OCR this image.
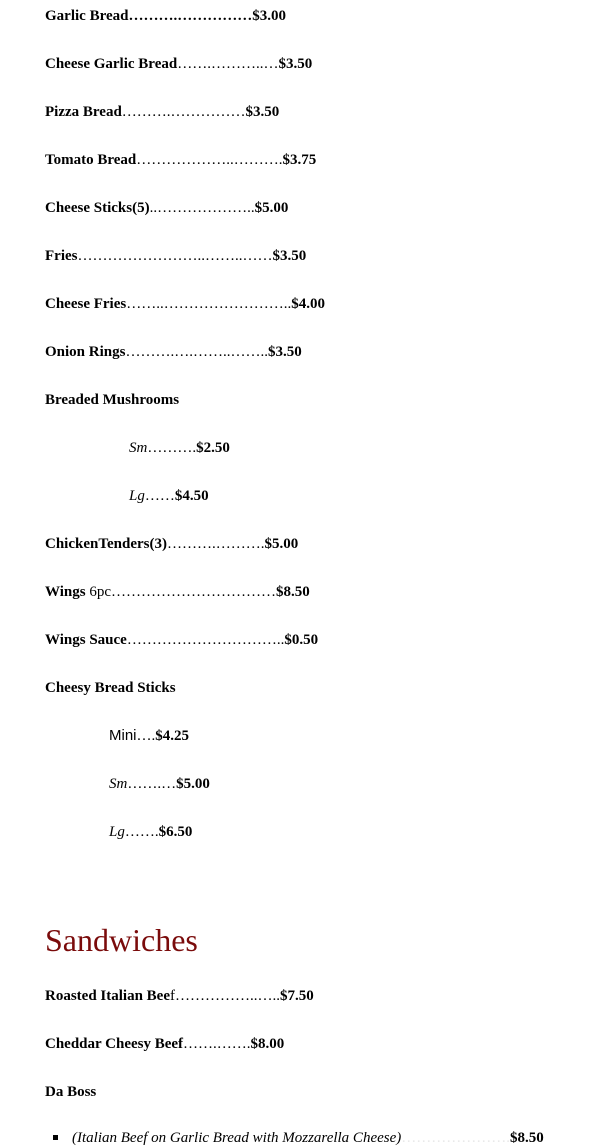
Garlic Bread……….……………$3.00
Cheese Garlic Bread…….………..…$3.50
Pizza Bread……….……………$3.50
Tomato Bread………………..……….$3.75
Cheese Sticks(5)..………………..$5.00
Fries……………………..……..……$3.50
Cheese Fries……..……………………..$4.00
Onion Rings……….….……..……..$3.50
Breaded Mushrooms
Sm……….$2.50
Lg……$4.50
ChickenTenders(3)……….……….$5.00
Wings 6pc……………………………$8.50
Wings Sauce…………………………..$0.50
Cheesy Bread Sticks
Mini….$4.25
Sm…….…$5.00
Lg…….$6.50
Sandwiches
Roasted Italian Beef……………..…..$7.50
Cheddar Cheesy Beef…….…….$8.00
Da Boss
(Italian Beef on Garlic Bread with Mozzarella Cheese)………………….$8.50
